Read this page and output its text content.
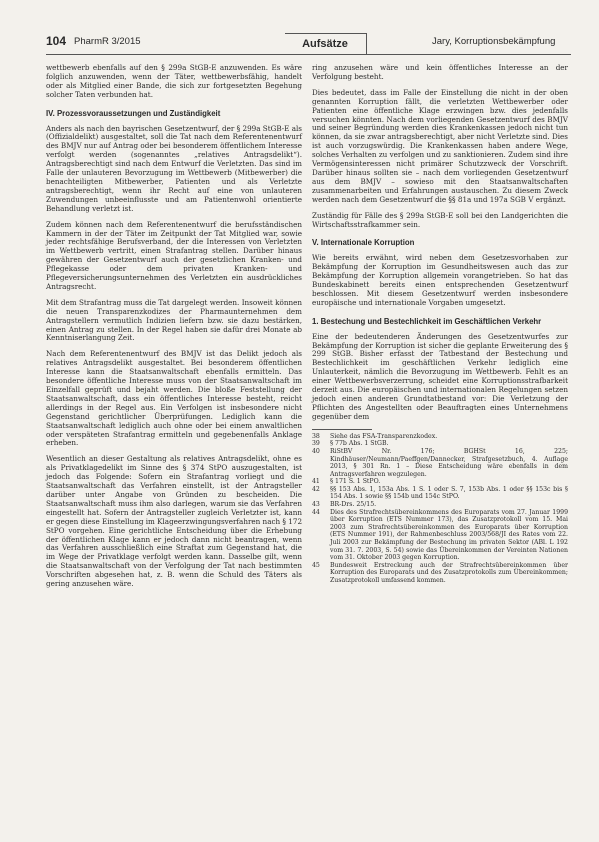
104 PharmR 3/2015	Aufsätze	Jary, Korruptionsbekämpfung

wettbewerb ebenfalls auf den § 299a StGB-E anzuwenden. Es wäre folglich anzuwenden, wenn der Täter, wettbewerbsfähig, handelt oder als Mitglied einer Bande, die sich zur fortgesetzten Begehung solcher Taten verbunden hat.

IV. Prozessvoraussetzungen und Zuständigkeit

Anders als nach den bayrischen Gesetzentwurf, der § 299a StGB-E als (Offizialdelikt) ausgestaltet, soll die Tat nach dem Referentenentwurf des BMJV nur auf Antrag oder bei besonderem öffentlichem Interesse verfolgt werden (sogenanntes „relatives Antragsdelikt“). Antragsberechtigt sind nach dem Entwurf die Verletzten. Das sind im Falle der unlauteren Bevorzugung im Wettbewerb (Mitbewerber) die benachteiligten Mitbewerber, Patienten und als Verletzte antragsberechtigt, wenn ihr Recht auf eine von unlauteren Zuwendungen unbeeinflusste und am Patientenwohl orientierte Behandlung verletzt ist.

Zudem können nach dem Referentenentwurf die berufsständischen Kammern in der der Täter im Zeitpunkt der Tat Mitglied war, sowie jeder rechtsfähige Berufsverband, der die Interessen von Verletzten im Wettbewerb vertritt, einen Strafantrag stellen. Darüber hinaus gewähren der Gesetzentwurf auch der gesetzlichen Kranken- und Pflegekasse oder dem privaten Kranken- und Pflegeversicherungsunternehmen des Verletzten ein ausdrückliches Antragsrecht.

Mit dem Strafantrag muss die Tat dargelegt werden. Insoweit können die neuen Transparenzkodizes der Pharmaunternehmen dem Antragstellern vermutlich Indizien liefern bzw. sie dazu bestärken, einen Antrag zu stellen. In der Regel haben sie dafür drei Monate ab Kenntniserlangung Zeit.

Nach dem Referentenentwurf des BMJV ist das Delikt jedoch als relatives Antragsdelikt ausgestaltet. Bei besonderem öffentlichen Interesse kann die Staatsanwaltschaft ebenfalls ermitteln. Das besondere öffentliche Interesse muss von der Staatsanwaltschaft im Einzelfall geprüft und bejaht werden. Die bloße Feststellung der Staatsanwaltschaft, dass ein öffentliches Interesse besteht, reicht allerdings in der Regel aus. Ein Verfolgen ist insbesondere nicht Gegenstand gerichtlicher Überprüfungen. Lediglich kann die Staatsanwaltschaft lediglich auch ohne oder bei einem anwaltlichen oder verspäteten Strafantrag ermitteln und gegebenenfalls Anklage erheben.

Wesentlich an dieser Gestaltung als relatives Antragsdelikt, ohne es als Privatklagedelikt im Sinne des § 374 StPO auszugestalten, ist jedoch das Folgende: Sofern ein Strafantrag vorliegt und die Staatsanwaltschaft das Verfahren einstellt, ist der Antragsteller darüber unter Angabe von Gründen zu bescheiden. Die Staatsanwaltschaft muss ihm also darlegen, warum sie das Verfahren eingestellt hat. Sofern der Antragsteller zugleich Verletzter ist, kann er gegen diese Einstellung im Klageerzwingungsverfahren nach § 172 StPO vorgehen. Eine gerichtliche Entscheidung über die Erhebung der öffentlichen Klage kann er jedoch dann nicht beantragen, wenn das Verfahren ausschließlich eine Straftat zum Gegenstand hat, die im Wege der Privatklage verfolgt werden kann. Dasselbe gilt, wenn die Staatsanwaltschaft von der Verfolgung der Tat nach bestimmten Vorschriften abgesehen hat, z. B. wenn die Schuld des Täters als gering anzusehen wäre.

ring anzusehen wäre und kein öffentliches Interesse an der Verfolgung besteht.

Dies bedeutet, dass im Falle der Einstellung die nicht in der oben genannten Korruption fällt, die verletzten Wettbewerber oder Patienten eine öffentliche Klage erzwingen bzw. dies jedenfalls versuchen könnten. Nach dem vorliegenden Gesetzentwurf des BMJV und seiner Begründung werden dies Krankenkassen jedoch nicht tun können, da sie zwar antragsberechtigt, aber nicht Verletzte sind. Dies ist auch vorzugswürdig. Die Krankenkassen haben andere Wege, solches Verhalten zu verfolgen und zu sanktionieren. Zudem sind ihre Vermögensinteressen nicht primärer Schutzzweck der Vorschrift. Darüber hinaus sollten sie – nach dem vorliegenden Gesetzentwurf aus dem BMJV – sowieso mit den Staatsanwaltschaften zusammenarbeiten und Erfahrungen austauschen. Zu diesem Zweck werden nach dem Gesetzentwurf die §§ 81a und 197a SGB V ergänzt.

Zuständig für Fälle des § 299a StGB-E soll bei den Landgerichten die Wirtschaftsstrafkammer sein.

V. Internationale Korruption

Wie bereits erwähnt, wird neben dem Gesetzesvorhaben zur Bekämpfung der Korruption im Gesundheitswesen auch das zur Bekämpfung der Korruption allgemein vorangetrieben. So hat das Bundeskabinett bereits einen entsprechenden Gesetzentwurf beschlossen. Mit diesem Gesetzentwurf werden insbesondere europäische und internationale Vorgaben umgesetzt.

1. Bestechung und Bestechlichkeit im Geschäftlichen Verkehr

Eine der bedeutenderen Änderungen des Gesetzentwurfes zur Bekämpfung der Korruption ist sicher die geplante Erweiterung des § 299 StGB. Bisher erfasst der Tatbestand der Bestechung und Bestechlichkeit im geschäftlichen Verkehr lediglich eine Unlauterkeit, nämlich die Bevorzugung im Wettbewerb. Fehlt es an einer Wettbewerbsverzerrung, scheidet eine Korruptionsstrafbarkeit derzeit aus. Die europäischen und internationalen Regelungen setzen jedoch einen anderen Grundtatbestand vor: Die Verletzung der Pflichten des Angestellten oder Beauftragten eines Unternehmens gegenüber dem

38	Siehe das FSA-Transparenzkodex.
39	§ 77b Abs. 1 StGB.
40	RiStBV Nr. 176; BGHSt 16, 225; Kindhäuser/Neumann/Paeffgen/Dannecker, Strafgesetzbuch, 4. Auflage 2013, § 301 Rn. 1 – Diese Entscheidung wäre ebenfalls in dem Antragsverfahren wegzulegen.
41	§ 171 S. 1 StPO.
42	§§ 153 Abs. 1, 153a Abs. 1 S. 1 oder S. 7, 153b Abs. 1 oder §§ 153c bis § 154 Abs. 1 sowie §§ 154b und 154c StPO.
43	BR-Drs. 25/15.
44	Dies des Strafrechtsübereinkommens des Europarats vom 27. Januar 1999 über Korruption (ETS Nummer 173), das Zusatzprotokoll vom 15. Mai 2003 zum Strafrechtsübereinkommen des Europarats über Korruption (ETS Nummer 191), der Rahmenbeschluss 2003/568/JI des Rates vom 22. Juli 2003 zur Bekämpfung der Bestechung im privaten Sektor (ABl. L 192 vom 31. 7. 2003, S. 54) sowie das Übereinkommen der Vereinten Nationen vom 31. Oktober 2003 gegen Korruption.
45	Bundesweit Erstreckung auch der Strafrechtsübereinkommen über Korruption des Europarats und des Zusatzprotokolls zum Übereinkommen; Zusatzprotokoll umfassend kommen.
